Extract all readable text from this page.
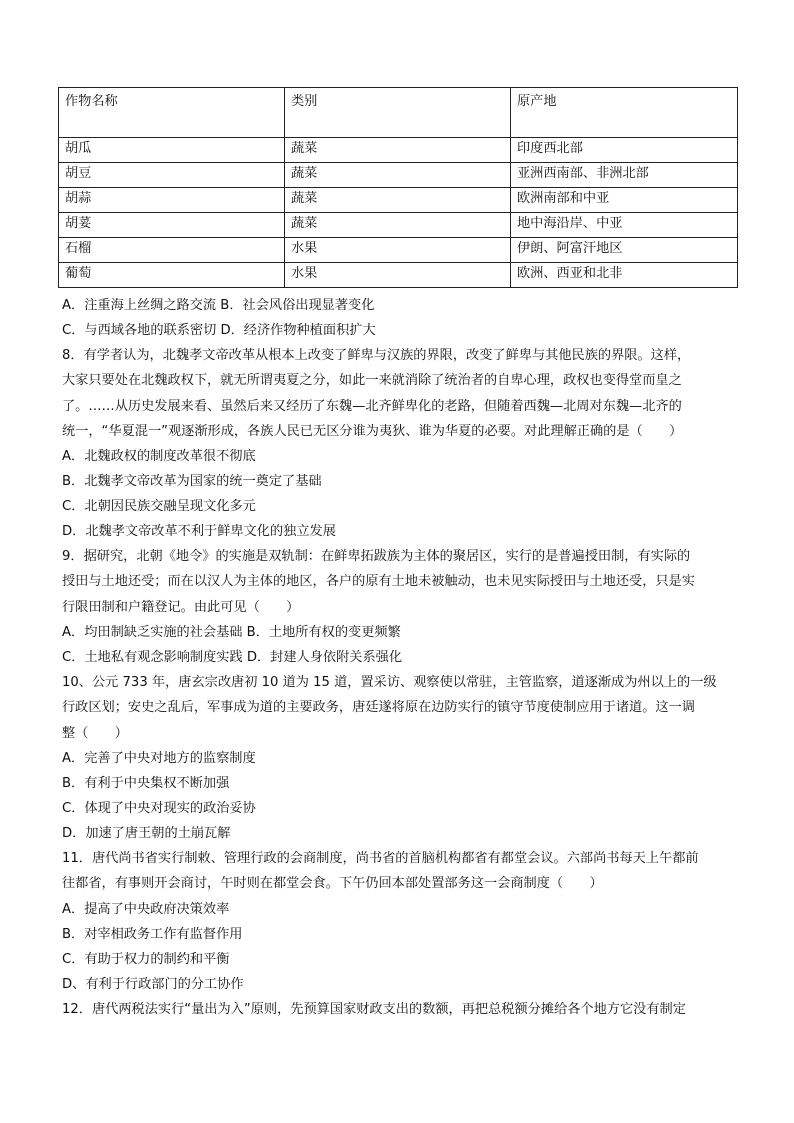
作物名称	类别	原产地
胡瓜	蔬菜	印度西北部
胡豆	蔬菜	亚洲西南部、非洲北部
胡蒜	蔬菜	欧洲南部和中亚
胡荽	蔬菜	地中海沿岸、中亚
石榴	水果	伊朗、阿富汗地区
葡萄	水果	欧洲、西亚和北非
A．注重海上丝绸之路交流 B．社会风俗出现显著变化
C．与西域各地的联系密切 D．经济作物种植面积扩大
8．有学者认为，北魏孝文帝改革从根本上改变了鲜卑与汉族的界限，改变了鲜卑与其他民族的界限。这样，
大家只要处在北魏政权下，就无所谓夷夏之分，如此一来就消除了统治者的自卑心理，政权也变得堂而皇之
了。……从历史发展来看、虽然后来又经历了东魏—北齐鲜卑化的老路，但随着西魏—北周对东魏—北齐的
统一，“华夏混一”观逐渐形成，各族人民已无区分谁为夷狄、谁为华夏的必要。对此理解正确的是（　　）
A．北魏政权的制度改革很不彻底
B．北魏孝文帝改革为国家的统一奠定了基础
C．北朝因民族交融呈现文化多元
D．北魏孝文帝改革不利于鲜卑文化的独立发展
9．据研究，北朝《地令》的实施是双轨制：在鲜卑拓跋族为主体的聚居区，实行的是普遍授田制，有实际的
授田与土地还受；而在以汉人为主体的地区，各户的原有土地未被触动，也未见实际授田与土地还受，只是实
行限田制和户籍登记。由此可见（　　）
A．均田制缺乏实施的社会基础 B．土地所有权的变更频繁
C．土地私有观念影响制度实践 D．封建人身依附关系强化
10、公元 733 年，唐玄宗改唐初 10 道为 15 道，置采访、观察使以常驻，主管监察，道逐渐成为州以上的一级
行政区划；安史之乱后，军事成为道的主要政务，唐廷遂将原在边防实行的镇守节度使制应用于诸道。这一调
整（　　）
A．完善了中央对地方的监察制度
B．有利于中央集权不断加强
C．体现了中央对现实的政治妥协
D．加速了唐王朝的土崩瓦解
11．唐代尚书省实行制敕、管理行政的会商制度，尚书省的首脑机构都省有都堂会议。六部尚书每天上午都前
往都省，有事则开会商讨，午时则在都堂会食。下午仍回本部处置部务这一会商制度（　　）
A．提高了中央政府决策效率
B．对宰相政务工作有监督作用
C．有助于权力的制约和平衡
D、有利于行政部门的分工协作
12．唐代两税法实行“量出为入”原则，先预算国家财政支出的数额，再把总税额分摊给各个地方它没有制定
